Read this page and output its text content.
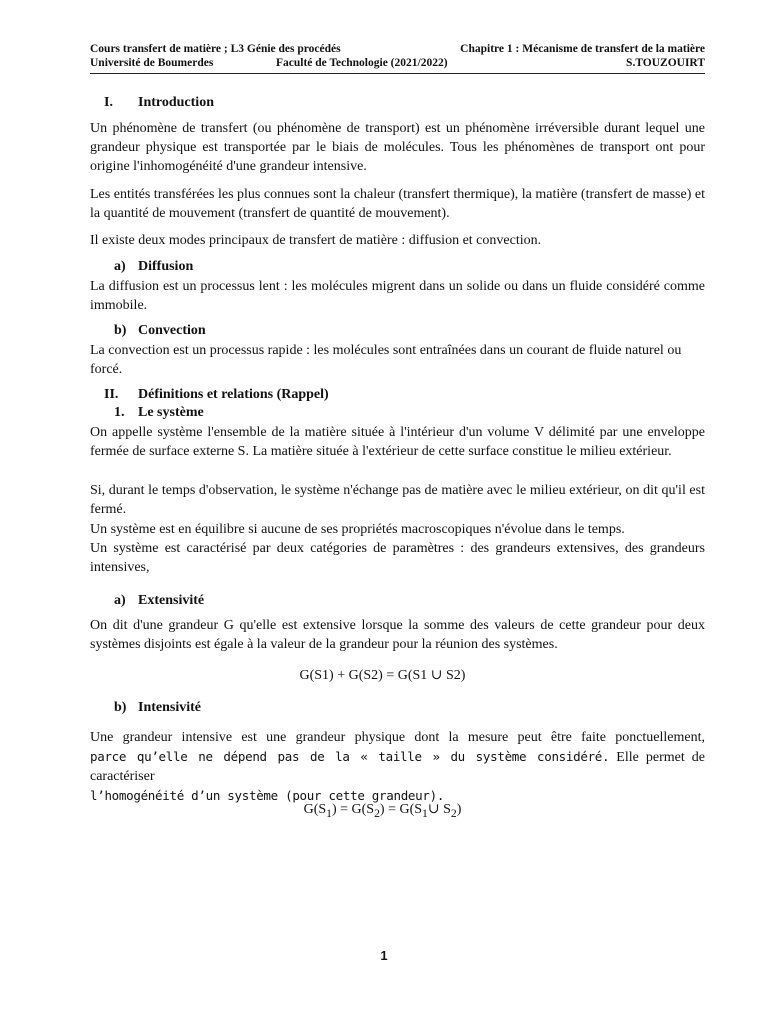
Cours transfert de matière ; L3 Génie des procédés	Chapitre 1 : Mécanisme de transfert de la matière
Université de Boumerdes	Faculté de Technologie (2021/2022)	S.TOUZOUIRT
I.	Introduction

Un phénomène de transfert (ou phénomène de transport) est un phénomène irréversible durant lequel une grandeur physique est transportée par le biais de molécules. Tous les phénomènes de transport ont pour origine l'inhomogénéité d'une grandeur intensive.

Les entités transférées les plus connues sont la chaleur (transfert thermique), la matière (transfert de masse) et la quantité de mouvement (transfert de quantité de mouvement).

Il existe deux modes principaux de transfert de matière : diffusion et convection.

a) Diffusion

La diffusion est un processus lent : les molécules migrent dans un solide ou dans un fluide considéré comme immobile.

b) Convection

La convection est un processus rapide : les molécules sont entraînées dans un courant de fluide naturel ou forcé.

II.	Définitions et relations (Rappel)
1. Le système

On appelle système l'ensemble de la matière située à l'intérieur d'un volume V délimité par une enveloppe fermée de surface externe S. La matière située à l'extérieur de cette surface constitue le milieu extérieur.

Si, durant le temps d'observation, le système n'échange pas de matière avec le milieu extérieur, on dit qu'il est fermé.

Un système est en équilibre si aucune de ses propriétés macroscopiques n'évolue dans le temps.

Un système est caractérisé par deux catégories de paramètres : des grandeurs extensives, des grandeurs intensives,

a) Extensivité

On dit d'une grandeur G qu'elle est extensive lorsque la somme des valeurs de cette grandeur pour deux systèmes disjoints est égale à la valeur de la grandeur pour la réunion des systèmes.

G(S1) + G(S2) = G(S1 ∪ S2)
b) Intensivité

Une grandeur intensive est une grandeur physique dont la mesure peut être faite ponctuellement,

parce qu’elle ne dépend pas de la « taille » du système considéré. Elle permet de caractériser

l’homogénéité d’un système (pour cette grandeur).

$G(S_1) = G(S_2)$ = $G(S_1\cup$ $S_2$)
1
